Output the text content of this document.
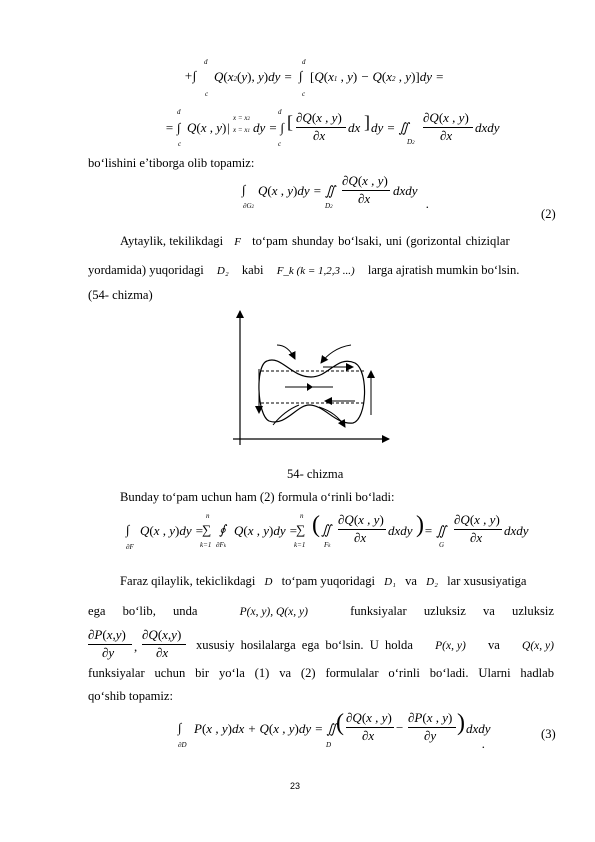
d
+∫
c
Q(x2(y), y)dy =
d
∫
c
[Q(x1 , y) − Q(x2 , y)]dy =
d
= ∫
c
Q(x , y)|
x = x2
x = x1 dy = ∫
d
c
[ ∂Q(x , y)
∂x
dx ] dy = ∬
D2
∂Q(x , y)
∂x
dxdy
bo‘lishini e’tiborga olib topamiz:
∫
∂G2
Q(x , y)dy = ∬
D2
∂Q(x , y)
∂x
dxdy
.
(2)
Aytaylik, tekilikdagi F to‘pam shunday bo‘lsaki, uni (gorizontal chiziqlar
yordamida) yuqoridagi D₂ kabi F_k (k = 1,2,3 ...) larga ajratish mumkin bo‘lsin.
(54- chizma)
54- chizma
Bunday to‘pam uchun ham (2) formula o‘rinli bo‘ladi:
∫
∂F
Q(x , y)dy =
n
∑
k=1
∮
∂Fk
Q(x , y)dy =
n
∑
k=1
( ∬
Fk
∂Q(x , y)
∂x dxdy ) = ∬
G
∂Q(x , y)
∂x dxdy
Faraz qilaylik, tekiclikdagi D to‘pam yuqoridagi D₁ va D₂ lar xususiyatiga
ega bo‘lib, unda	P(x, y), Q(x, y)	funksiyalar uzluksiz va uzluksiz
∂P(x,y)
∂y ,
∂Q(x,y)
∂x xususiy hosilalarga ega bo‘lsin. U holda P(x, y) va Q(x, y)
funksiyalar uchun bir yo‘la (1) va (2) formulalar o‘rinli bo‘ladi. Ularni hadlab
qo‘shib topamiz:
∫
∂D
P(x , y)dx + Q(x , y)dy = ∬
D
( ∂Q(x , y)
∂x
−
∂P(x , y)
∂y ) dxdy
.
(3)
23
